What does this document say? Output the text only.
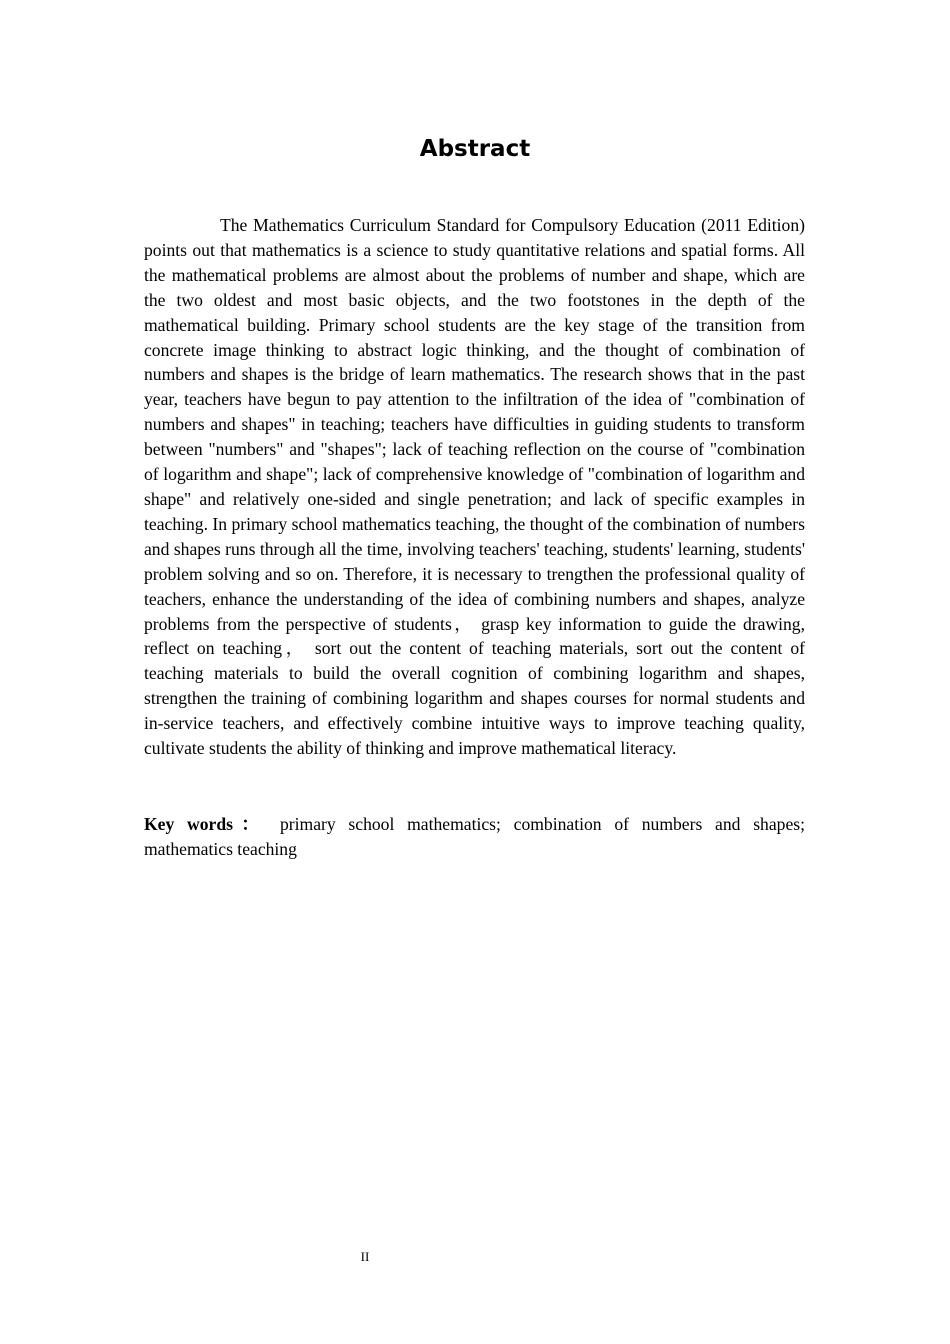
Abstract

The Mathematics Curriculum Standard for Compulsory Education (2011 Edition) points out that mathematics is a science to study quantitative relations and spatial forms. All the mathematical problems are almost about the problems of number and shape, which are the two oldest and most basic objects, and the two footstones in the depth of the mathematical building. Primary school students are the key stage of the transition from concrete image thinking to abstract logic thinking, and the thought of combination of numbers and shapes is the bridge of learn mathematics. The research shows that in the past year, teachers have begun to pay attention to the infiltration of the idea of "combination of numbers and shapes" in teaching; teachers have difficulties in guiding students to transform between "numbers" and "shapes"; lack of teaching reflection on the course of "combination of logarithm and shape"; lack of comprehensive knowledge of "combination of logarithm and shape" and relatively one-sided and single penetration; and lack of specific examples in teaching. In primary school mathematics teaching, the thought of the combination of numbers and shapes runs through all the time, involving teachers' teaching, students' learning, students' problem solving and so on. Therefore, it is necessary to trengthen the professional quality of teachers, enhance the understanding of the idea of combining numbers and shapes, analyze problems from the perspective of students， grasp key information to guide the drawing, reflect on teaching， sort out the content of teaching materials, sort out the content of teaching materials to build the overall cognition of combining logarithm and shapes, strengthen the training of combining logarithm and shapes courses for normal students and in-service teachers, and effectively combine intuitive ways to improve teaching quality, cultivate students the ability of thinking and improve mathematical literacy.

Key words： primary school mathematics; combination of numbers and shapes; mathematics teaching

II
